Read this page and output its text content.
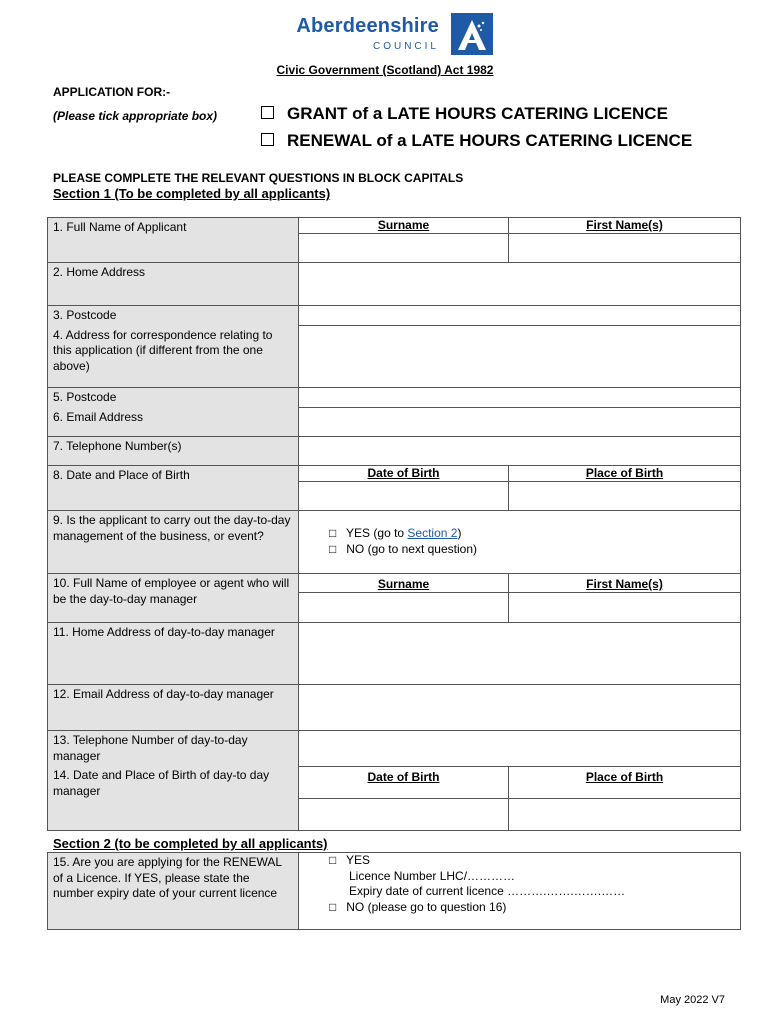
Aberdeenshire
COUNCIL
Civic Government (Scotland) Act 1982
APPLICATION FOR:-
(Please tick appropriate box)	GRANT of a LATE HOURS CATERING LICENCE
RENEWAL of a LATE HOURS CATERING LICENCE
PLEASE COMPLETE THE RELEVANT QUESTIONS IN BLOCK CAPITALS
Section 1 (To be completed by all applicants)
1. Full Name of Applicant	Surname	First Name(s)

2. Home Address		
3. Postcode		
4. Address for correspondence relating to this application (if different from the one above)		
5. Postcode		
6. Email Address		
7. Telephone Number(s)		
8. Date and Place of Birth	Date of Birth	Place of Birth

9. Is the applicant to carry out the day-to-day management of the business, or event?	□ YES (go to Section 2)
□ NO (go to next question)	

10. Full Name of employee or agent who will be the day-to-day manager	Surname	First Name(s)

11. Home Address of day-to-day manager		
12. Email Address of day-to-day manager		
13. Telephone Number of day-to-day manager		
14. Date and Place of Birth of day-to day manager	Date of Birth	Place of Birth

Section 2 (to be completed by all applicants)
15. Are you are applying for the RENEWAL of a Licence. If YES, please state the number expiry date of your current licence	
□ YES
Licence Number LHC/…………
Expiry date of current licence ……….…….…….……
□ NO (please go to question 16)
May 2022 V7
